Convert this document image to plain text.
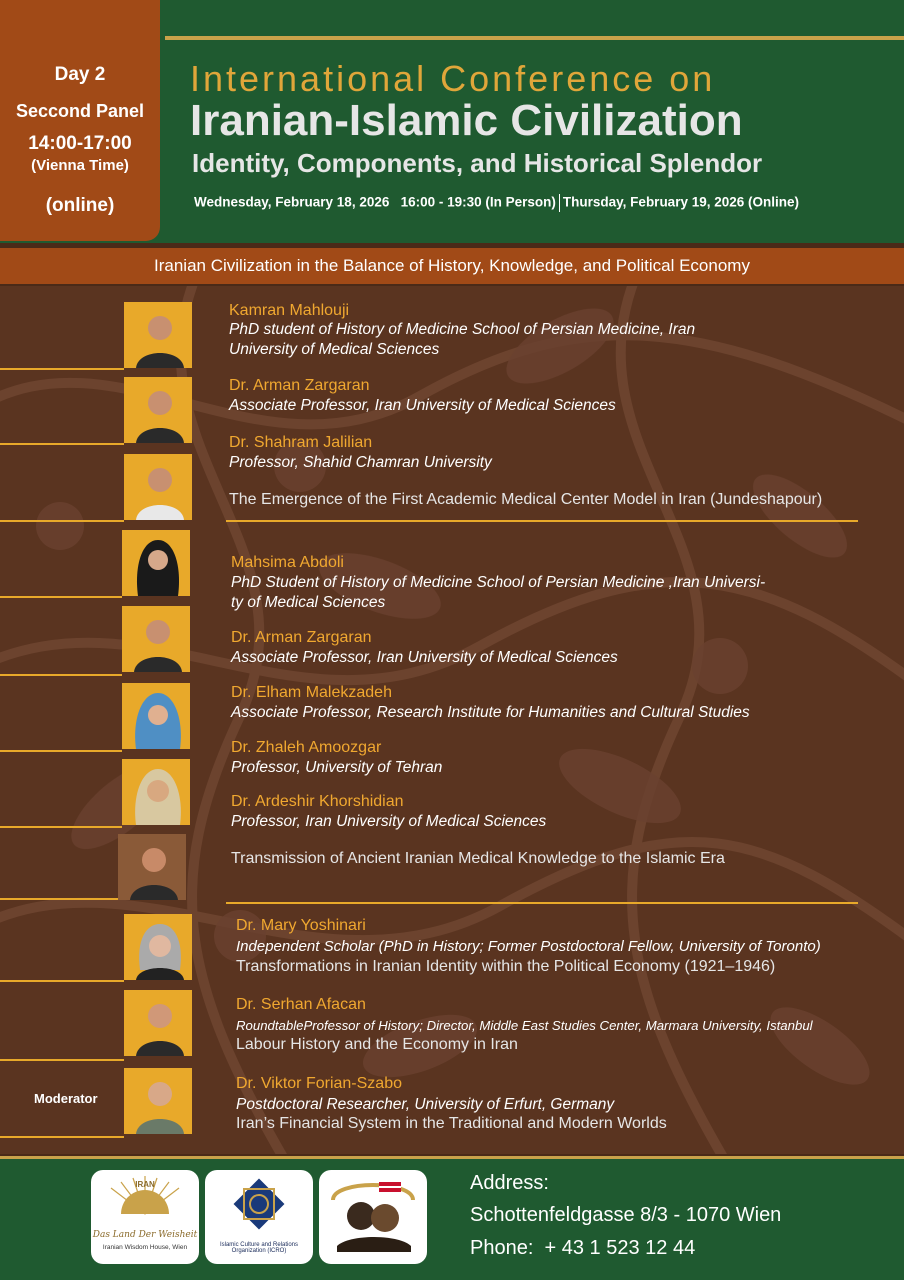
Day 2
Seccond Panel
14:00-17:00
(Vienna Time)
(online)
International Conference on
Iranian-Islamic Civilization
Identity, Components, and Historical Splendor
Wednesday, February 18, 2026   16:00 - 19:30 (In Person) Thursday, February 19, 2026 (Online)
Iranian Civilization in the Balance of History, Knowledge, and Political Economy
Kamran Mahlouji
PhD student of History of Medicine School of Persian Medicine, Iran
University of Medical Sciences
Dr. Arman Zargaran
Associate Professor, Iran University of Medical Sciences
Dr. Shahram Jalilian
Professor, Shahid Chamran University
The Emergence of the First Academic Medical Center Model in Iran (Jundeshapour)
Mahsima Abdoli
PhD Student of History of Medicine School of Persian Medicine ,Iran Universi-
ty of Medical Sciences
Dr. Arman Zargaran
Associate Professor, Iran University of Medical Sciences
Dr. Elham Malekzadeh
Associate Professor, Research Institute for Humanities and Cultural Studies
Dr. Zhaleh Amoozgar
Professor, University of Tehran
Dr. Ardeshir Khorshidian
Professor, Iran University of Medical Sciences
Transmission of Ancient Iranian Medical Knowledge to the Islamic Era
Dr. Mary Yoshinari
Independent Scholar (PhD in History; Former Postdoctoral Fellow, University of Toronto)
Transformations in Iranian Identity within the Political Economy (1921–1946)
Dr. Serhan Afacan
RoundtableProfessor of History; Director, Middle East Studies Center, Marmara University, Istanbul
Labour History and the Economy in Iran
Moderator
Dr. Viktor Forian-Szabo
Postdoctoral Researcher, University of Erfurt, Germany
Iran’s Financial System in the Traditional and Modern Worlds
IRAN
Das Land Der Weisheit
Iranian Wisdom House, Wien	Islamic Culture and Relations Organization (ICRO)
Address:
Schottenfeldgasse 8/3 - 1070 Wien
Phone:  + 43 1 523 12 44
